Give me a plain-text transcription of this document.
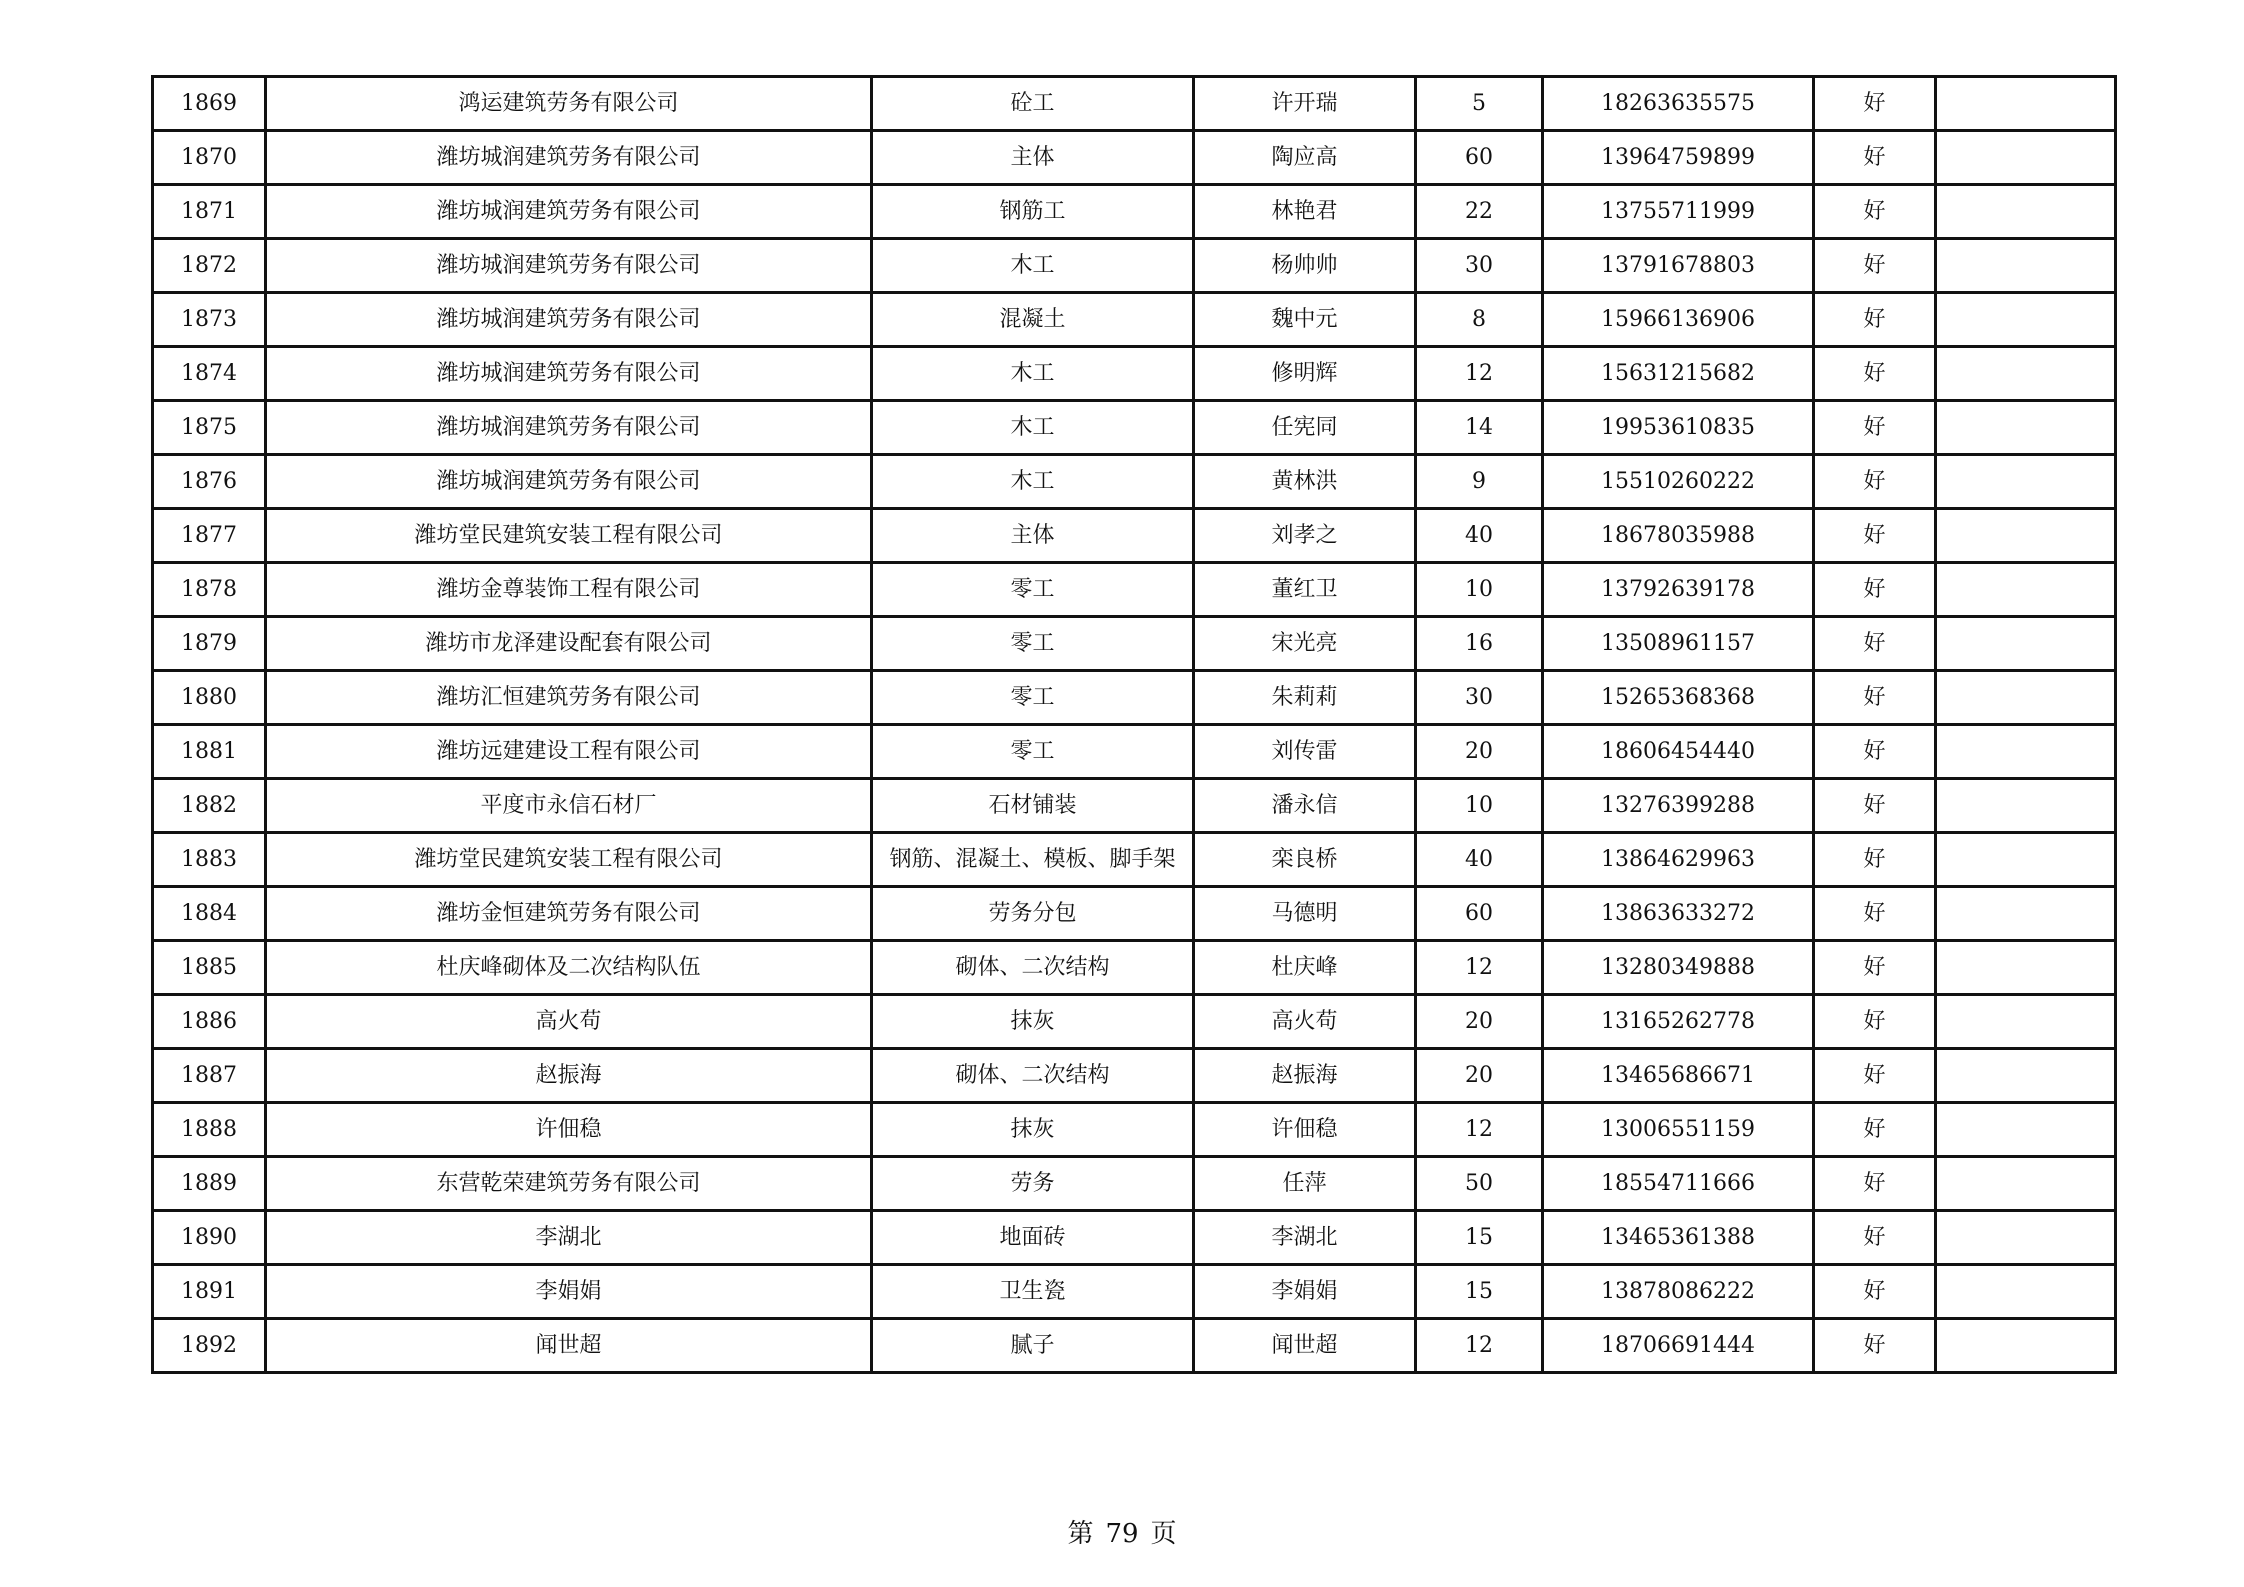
1869	鸿运建筑劳务有限公司	砼工	许开瑞	5	18263635575	好	
1870	潍坊城润建筑劳务有限公司	主体	陶应高	60	13964759899	好	
1871	潍坊城润建筑劳务有限公司	钢筋工	林艳君	22	13755711999	好	
1872	潍坊城润建筑劳务有限公司	木工	杨帅帅	30	13791678803	好	
1873	潍坊城润建筑劳务有限公司	混凝土	魏中元	8	15966136906	好	
1874	潍坊城润建筑劳务有限公司	木工	修明辉	12	15631215682	好	
1875	潍坊城润建筑劳务有限公司	木工	任宪同	14	19953610835	好	
1876	潍坊城润建筑劳务有限公司	木工	黄林洪	9	15510260222	好	
1877	潍坊堂民建筑安装工程有限公司	主体	刘孝之	40	18678035988	好	
1878	潍坊金尊装饰工程有限公司	零工	董红卫	10	13792639178	好	
1879	潍坊市龙泽建设配套有限公司	零工	宋光亮	16	13508961157	好	
1880	潍坊汇恒建筑劳务有限公司	零工	朱莉莉	30	15265368368	好	
1881	潍坊远建建设工程有限公司	零工	刘传雷	20	18606454440	好	
1882	平度市永信石材厂	石材铺装	潘永信	10	13276399288	好	
1883	潍坊堂民建筑安装工程有限公司	钢筋、混凝土、模板、脚手架	栾良桥	40	13864629963	好	
1884	潍坊金恒建筑劳务有限公司	劳务分包	马德明	60	13863633272	好	
1885	杜庆峰砌体及二次结构队伍	砌体、二次结构	杜庆峰	12	13280349888	好	
1886	高火苟	抹灰	高火苟	20	13165262778	好	
1887	赵振海	砌体、二次结构	赵振海	20	13465686671	好	
1888	许佃稳	抹灰	许佃稳	12	13006551159	好	
1889	东营乾荣建筑劳务有限公司	劳务	任萍	50	18554711666	好	
1890	李湖北	地面砖	李湖北	15	13465361388	好	
1891	李娟娟	卫生瓷	李娟娟	15	13878086222	好	
1892	闻世超	腻子	闻世超	12	18706691444	好	
第 79 页
